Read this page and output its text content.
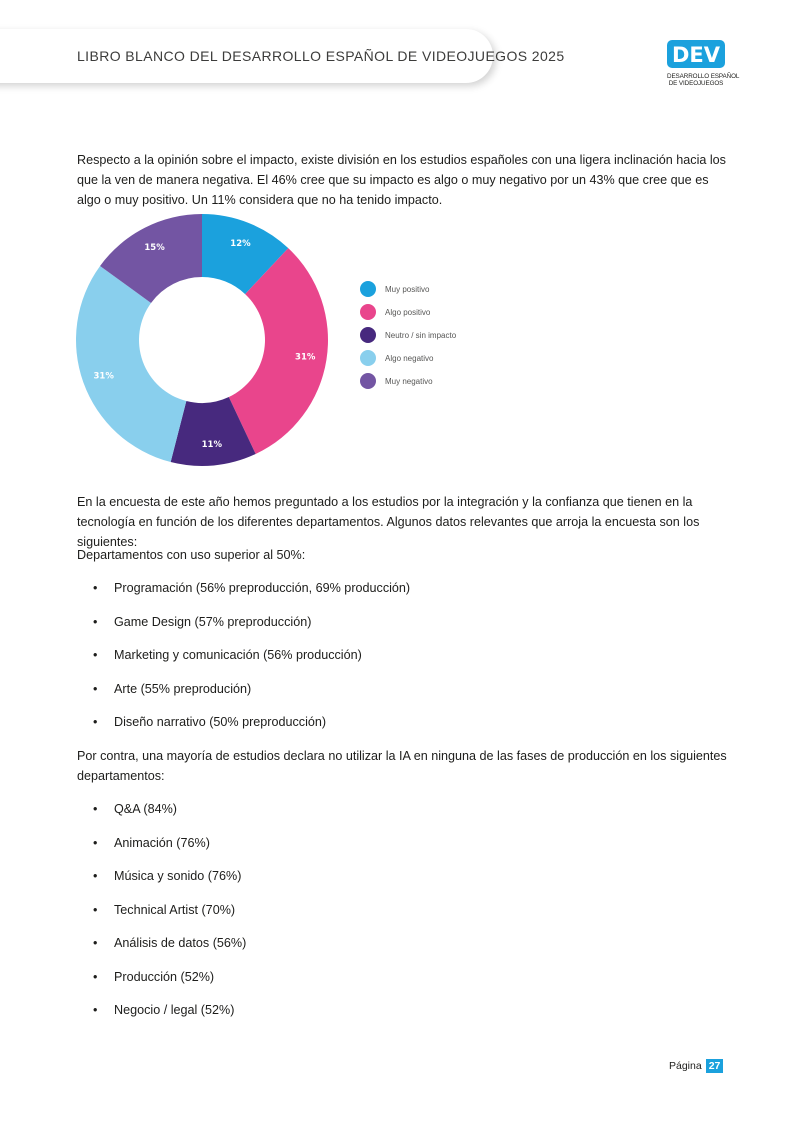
LIBRO BLANCO DEL DESARROLLO ESPAÑOL DE VIDEOJUEGOS 2025	DEV
DESARROLLO ESPAÑOL
DE VIDEOJUEGOS

Respecto a la opinión sobre el impacto, existe división en los estudios españoles con una ligera inclinación hacia los que la ven de manera negativa. El 46% cree que su impacto es algo o muy negativo por un 43% que cree que es algo o muy positivo. Un 11% considera que no ha tenido impacto.

12%
31%
11%
31%
15%
Muy positivo
Algo positivo
Neutro / sin impacto
Algo negativo
Muy negativo

En la encuesta de este año hemos preguntado a los estudios por la integración y la confianza que tienen en la tecnología en función de los diferentes departamentos. Algunos datos relevantes que arroja la encuesta son los siguientes:

Departamentos con uso superior al 50%:

• Programación (56% preproducción, 69% producción)
• Game Design (57% preproducción)
• Marketing y comunicación (56% producción)
• Arte (55% preprodución)
• Diseño narrativo (50% preproducción)

Por contra, una mayoría de estudios declara no utilizar la IA en ninguna de las fases de producción en los siguientes departamentos:

• Q&A (84%)
• Animación (76%)
• Música y sonido (76%)
• Technical Artist (70%)
• Análisis de datos (56%)
• Producción (52%)
• Negocio / legal (52%)
Página 27
